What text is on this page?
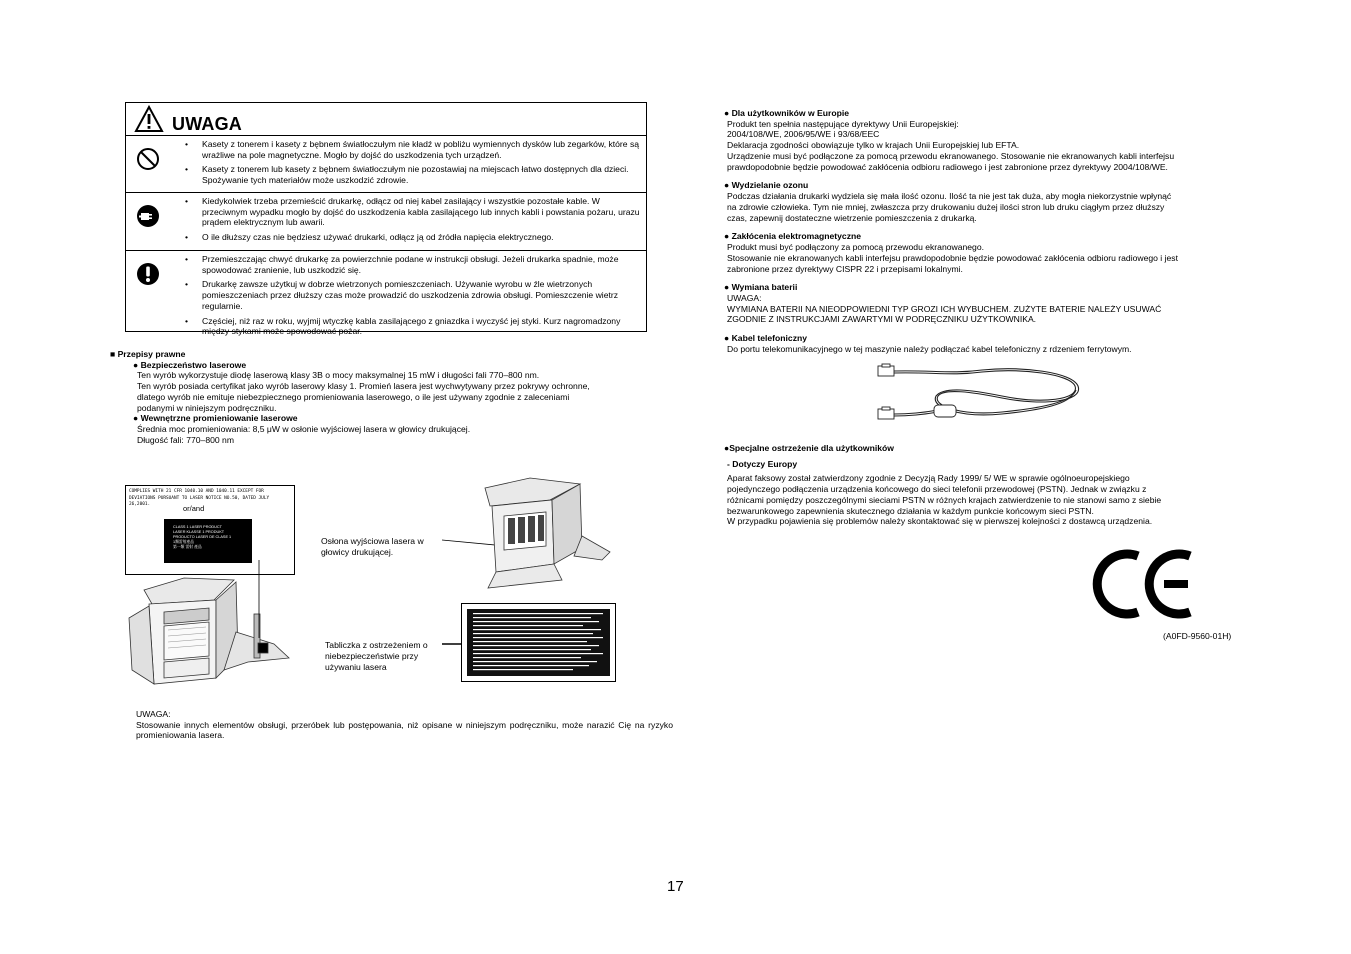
UWAGA
• Kasety z tonerem i kasety z bębnem światłoczułym nie kładź w pobliżu wymiennych dysków lub zegarków, które są wrażliwe na pole magnetyczne. Mogło by dojść do uszkodzenia tych urządzeń.
• Kasety z tonerem lub kasety z bębnem światłoczułym nie pozostawiaj na miejscach łatwo dostępnych dla dzieci. Spożywanie tych materiałów może uszkodzić zdrowie.
• Kiedykolwiek trzeba przemieścić drukarkę, odłącz od niej kabel zasilający i wszystkie pozostałe kable. W przeciwnym wypadku mogło by dojść do uszkodzenia kabla zasilającego lub innych kabli i powstania pożaru, urazu prądem elektrycznym lub awarii.
• O ile dłuższy czas nie będziesz używać drukarki, odłącz ją od źródła napięcia elektrycznego.
• Przemieszczając chwyć drukarkę za powierzchnie podane w instrukcji obsługi. Jeżeli drukarka spadnie, może spowodować zranienie, lub uszkodzić się.
• Drukarkę zawsze użytkuj w dobrze wietrzonych pomieszczeniach. Używanie wyrobu w źle wietrzonych pomieszczeniach przez dłuższy czas może prowadzić do uszkodzenia zdrowia obsługi. Pomieszczenie wietrz regularnie.
• Częściej, niż raz w roku, wyjmij wtyczkę kabla zasilającego z gniazdka i wyczyść jej styki. Kurz nagromadzony między stykami może spowodować pożar.

■ Przepisy prawne

● Bezpieczeństwo laserowe

Ten wyrób wykorzystuje diodę laserową klasy 3B o mocy maksymalnej 15 mW i długości fali 770–800 nm.

Ten wyrób posiada certyfikat jako wyrób laserowy klasy 1. Promień lasera jest wychwytywany przez pokrywy ochronne,

dlatego wyrób nie emituje niebezpiecznego promieniowania laserowego, o ile jest używany zgodnie z zaleceniami

podanymi w niniejszym podręczniku.

● Wewnętrzne promieniowanie laserowe

Średnia moc promieniowania: 8,5 μW w osłonie wyjściowej lasera w głowicy drukującej.

Długość fali: 770–800 nm

COMPLIES WITH 21 CFR 1040.10 AND 1040.11 EXCEPT FOR
DEVIATIONS PURSUANT TO LASER NOTICE NO.50, DATED JULY 26,2001.	or/and
CLASS 1 LASER PRODUCT
LASER KLASSE 1 PRODUKT
PRODUCTO LASER DE CLASE 1
1類雷射產品
第一類 雷射 產品
Osłona wyjściowa lasera w głowicy drukującej.
Tabliczka z ostrzeżeniem o niebezpieczeństwie przy używaniu lasera

UWAGA:

Stosowanie innych elementów obsługi, przeróbek lub postępowania, niż opisane w niniejszym podręczniku, może narazić Cię na ryzyko promieniowania lasera.

● Dla użytkowników w Europie

Produkt ten spełnia następujące dyrektywy Unii Europejskiej:

2004/108/WE, 2006/95/WE i 93/68/EEC

Deklaracja zgodności obowiązuje tylko w krajach Unii Europejskiej lub EFTA.

Urządzenie musi być podłączone za pomocą przewodu ekranowanego. Stosowanie nie ekranowanych kabli interfejsu

prawdopodobnie będzie powodować zakłócenia odbioru radiowego i jest zabronione przez dyrektywy 2004/108/WE.

● Wydzielanie ozonu

Podczas działania drukarki wydziela się mała ilość ozonu. Ilość ta nie jest tak duża, aby mogła niekorzystnie wpłynąć

na zdrowie człowieka. Tym nie mniej, zwłaszcza przy drukowaniu dużej ilości stron lub druku ciągłym przez dłuższy

czas, zapewnij dostateczne wietrzenie pomieszczenia z drukarką.

● Zakłócenia elektromagnetyczne

Produkt musi być podłączony za pomocą przewodu ekranowanego.

Stosowanie nie ekranowanych kabli interfejsu prawdopodobnie będzie powodować zakłócenia odbioru radiowego i jest

zabronione przez dyrektywy CISPR 22 i przepisami lokalnymi.

● Wymiana baterii

UWAGA:

WYMIANA BATERII NA NIEODPOWIEDNI TYP GROZI ICH WYBUCHEM. ZUŻYTE BATERIE NALEŻY USUWAĆ

ZGODNIE Z INSTRUKCJAMI ZAWARTYMI W PODRĘCZNIKU UŻYTKOWNIKA.

● Kabel telefoniczny

Do portu telekomunikacyjnego w tej maszynie należy podłączać kabel telefoniczny z rdzeniem ferrytowym.

●Specjalne ostrzeżenie dla użytkowników

- Dotyczy Europy

Aparat faksowy został zatwierdzony zgodnie z Decyzją Rady 1999/ 5/ WE w sprawie ogólnoeuropejskiego

pojedynczego podłączenia urządzenia końcowego do sieci telefonii przewodowej (PSTN). Jednak w związku z

różnicami pomiędzy poszczególnymi sieciami PSTN w różnych krajach zatwierdzenie to nie stanowi samo z siebie

bezwarunkowego zapewnienia skutecznego działania w każdym punkcie końcowym sieci PSTN.

W przypadku pojawienia się problemów należy skontaktować się w pierwszej kolejności z dostawcą urządzenia.

(A0FD-9560-01H)
17
